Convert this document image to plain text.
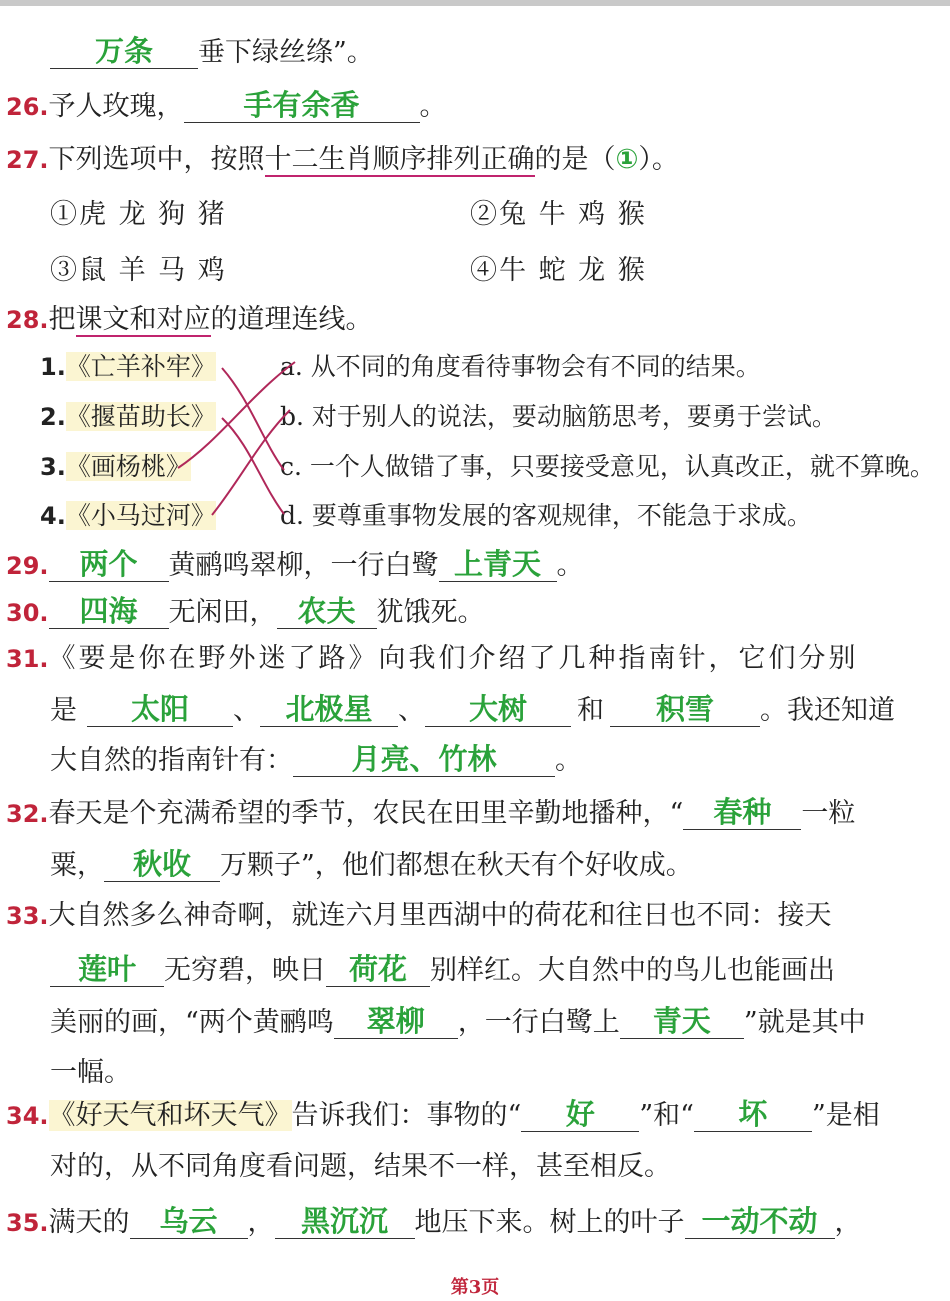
万条 垂下绿丝绦”。
26.予人玫瑰， 手有余香 。
27.下列选项中，按照十二生肖顺序排列正确的是（①）。
①虎 龙 狗 猪	②兔 牛 鸡 猴
③鼠 羊 马 鸡	④牛 蛇 龙 猴
28.把课文和对应的道理连线。
1.《亡羊补牢》
2.《揠苗助长》
3.《画杨桃》
4.《小马过河》
a. 从不同的角度看待事物会有不同的结果。
b. 对于别人的说法，要动脑筋思考，要勇于尝试。
c. 一个人做错了事，只要接受意见，认真改正，就不算晚。
d. 要尊重事物发展的客观规律，不能急于求成。
29. 两个 黄鹂鸣翠柳，一行白鹭 上青天 。
30. 四海 无闲田， 农夫 犹饿死。
31.《要是你在野外迷了路》向我们介绍了几种指南针，它们分别
是 太阳 、 北极星 、 大树 和 积雪 。我还知道
大自然的指南针有： 月亮、竹林 。
32.春天是个充满希望的季节，农民在田里辛勤地播种，“ 春种 一粒
粟， 秋收 万颗子”，他们都想在秋天有个好收成。
33.大自然多么神奇啊，就连六月里西湖中的荷花和往日也不同：接天
莲叶 无穷碧，映日 荷花 别样红。大自然中的鸟儿也能画出
美丽的画，“两个黄鹂鸣 翠柳 ，一行白鹭上 青天 ”就是其中
一幅。
34.《好天气和坏天气》告诉我们：事物的“ 好 ”和“ 坏 ”是相
对的，从不同角度看问题，结果不一样，甚至相反。
35.满天的 乌云 ， 黑沉沉 地压下来。树上的叶子 一动不动 ，
第3页
